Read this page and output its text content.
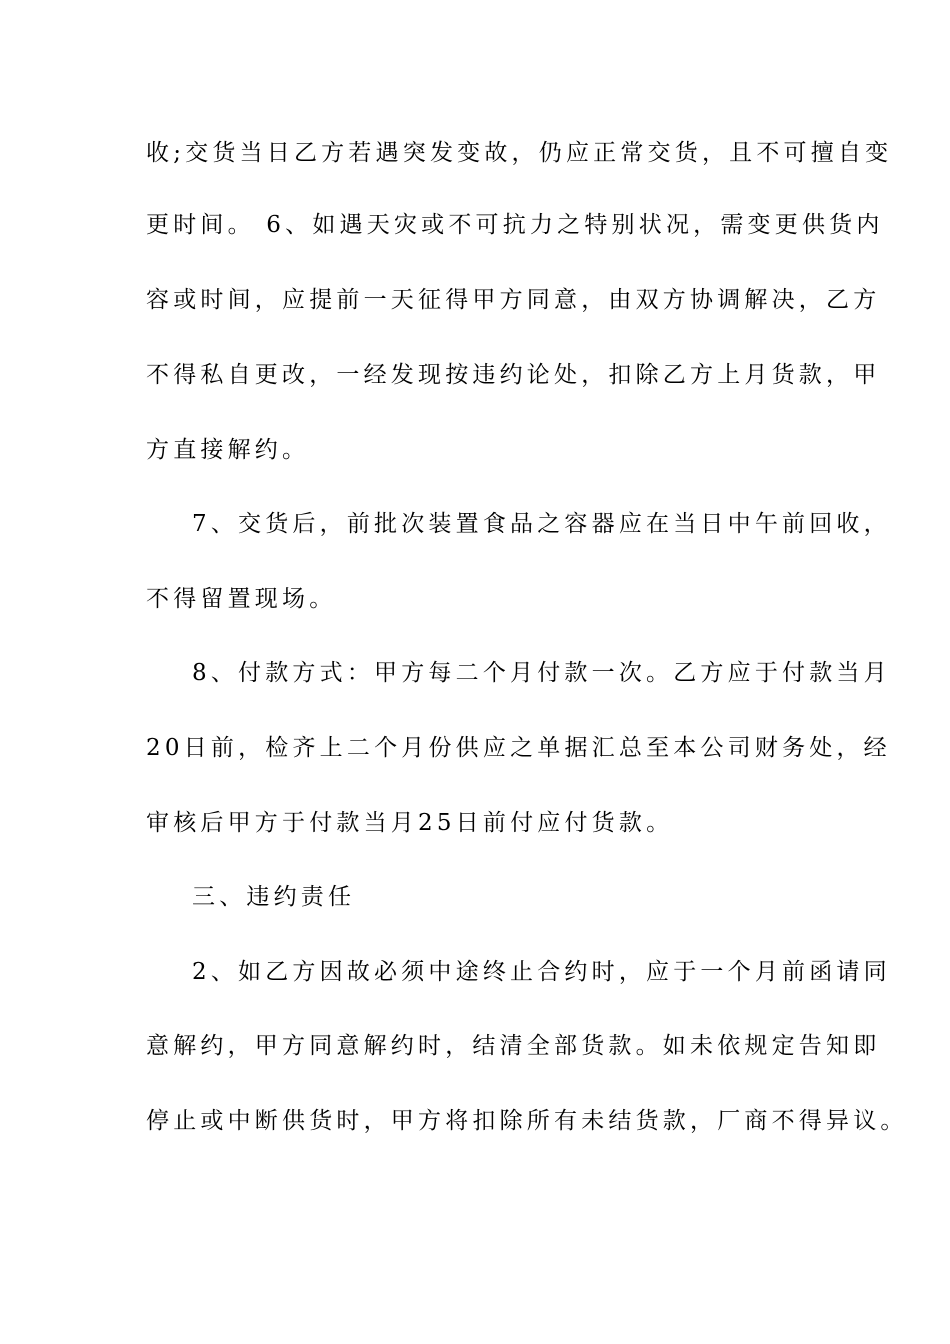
收;交货当日乙方若遇突发变故，仍应正常交货，且不可擅自变
更时间。 6、如遇天灾或不可抗力之特别状况，需变更供货内
容或时间，应提前一天征得甲方同意，由双方协调解决，乙方
不得私自更改，一经发现按违约论处，扣除乙方上月货款，甲
方直接解约。
7、交货后，前批次装置食品之容器应在当日中午前回收，
不得留置现场。
8、付款方式：甲方每二个月付款一次。乙方应于付款当月
20日前，检齐上二个月份供应之单据汇总至本公司财务处，经
审核后甲方于付款当月25日前付应付货款。
三、违约责任
2、如乙方因故必须中途终止合约时，应于一个月前函请同
意解约，甲方同意解约时，结清全部货款。如未依规定告知即
停止或中断供货时，甲方将扣除所有未结货款，厂商不得异议。
